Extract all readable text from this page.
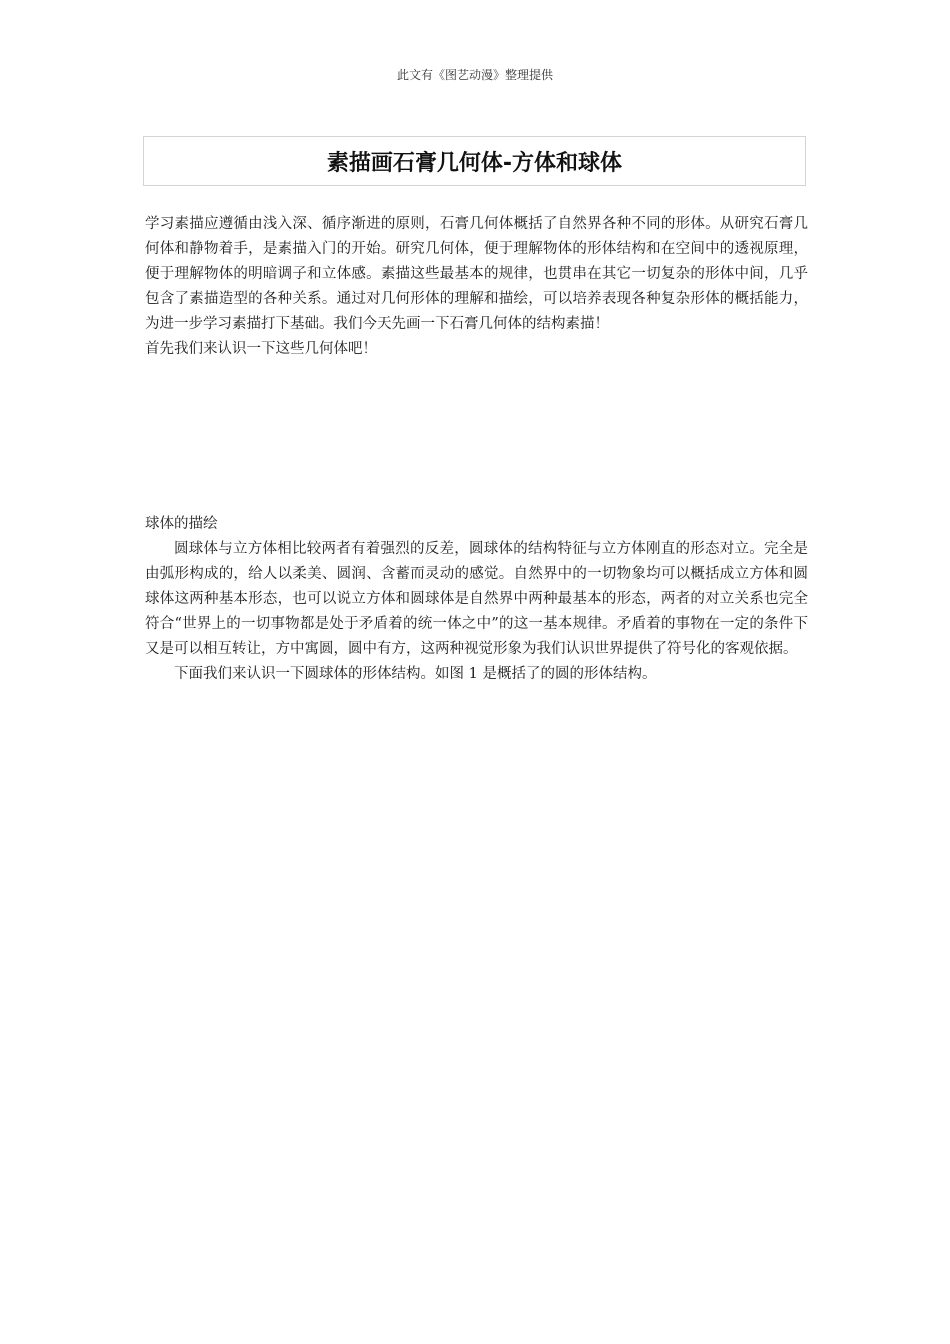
此文有《图艺动漫》整理提供
素描画石膏几何体-方体和球体

学习素描应遵循由浅入深、循序渐进的原则，石膏几何体概括了自然界各种不同的形体。从研究石膏几何体和静物着手，是素描入门的开始。研究几何体，便于理解物体的形体结构和在空间中的透视原理，便于理解物体的明暗调子和立体感。素描这些最基本的规律，也贯串在其它一切复杂的形体中间，几乎包含了素描造型的各种关系。通过对几何形体的理解和描绘，可以培养表现各种复杂形体的概括能力，为进一步学习素描打下基础。我们今天先画一下石膏几何体的结构素描！

首先我们来认识一下这些几何体吧！

球体的描绘

圆球体与立方体相比较两者有着强烈的反差，圆球体的结构特征与立方体刚直的形态对立。完全是由弧形构成的，给人以柔美、圆润、含蓄而灵动的感觉。自然界中的一切物象均可以概括成立方体和圆球体这两种基本形态，也可以说立方体和圆球体是自然界中两种最基本的形态，两者的对立关系也完全符合“世界上的一切事物都是处于矛盾着的统一体之中”的这一基本规律。矛盾着的事物在一定的条件下又是可以相互转让，方中寓圆，圆中有方，这两种视觉形象为我们认识世界提供了符号化的客观依据。

下面我们来认识一下圆球体的形体结构。如图 1 是概括了的圆的形体结构。
